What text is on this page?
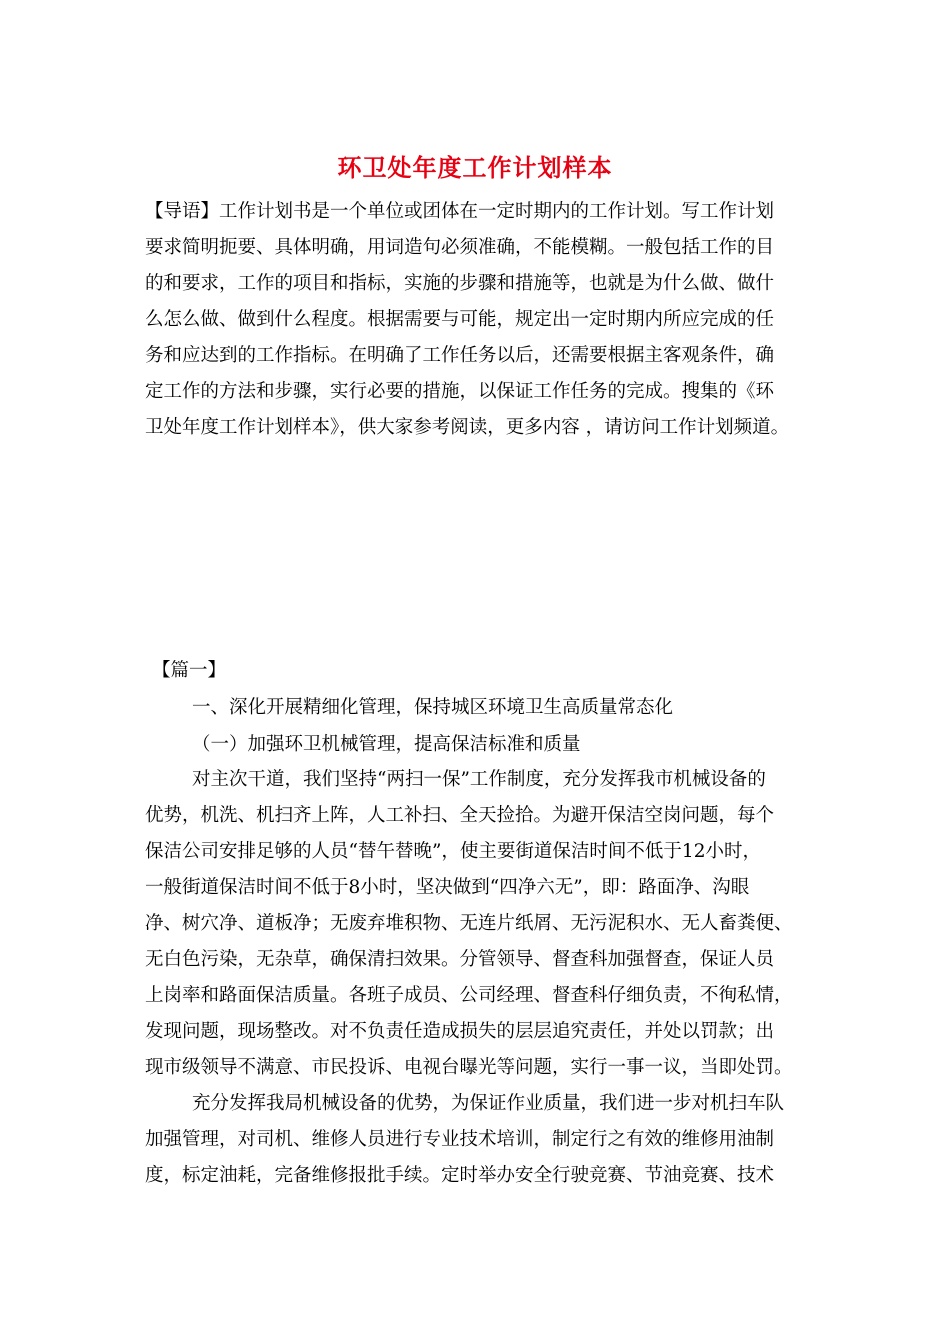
环卫处年度工作计划样本
【导语】工作计划书是一个单位或团体在一定时期内的工作计划。写工作计划
要求简明扼要、具体明确，用词造句必须准确，不能模糊。一般包括工作的目
的和要求，工作的项目和指标，实施的步骤和措施等，也就是为什么做、做什
么怎么做、做到什么程度。根据需要与可能，规定出一定时期内所应完成的任
务和应达到的工作指标。在明确了工作任务以后，还需要根据主客观条件，确
定工作的方法和步骤，实行必要的措施，以保证工作任务的完成。搜集的《环
卫处年度工作计划样本》，供大家参考阅读，更多内容 ，请访问工作计划频道。
【篇一】
一、深化开展精细化管理，保持城区环境卫生高质量常态化
（一）加强环卫机械管理，提高保洁标准和质量
对主次干道，我们坚持“两扫一保”工作制度，充分发挥我市机械设备的
优势，机洗、机扫齐上阵，人工补扫、全天捡拾。为避开保洁空岗问题，每个
保洁公司安排足够的人员“替午替晚”，使主要街道保洁时间不低于12小时，
一般街道保洁时间不低于8小时，坚决做到“四净六无”，即：路面净、沟眼
净、树穴净、道板净；无废弃堆积物、无连片纸屑、无污泥积水、无人畜粪便、
无白色污染，无杂草，确保清扫效果。分管领导、督查科加强督查，保证人员
上岗率和路面保洁质量。各班子成员、公司经理、督查科仔细负责，不徇私情，
发现问题，现场整改。对不负责任造成损失的层层追究责任，并处以罚款；出
现市级领导不满意、市民投诉、电视台曝光等问题，实行一事一议，当即处罚。
充分发挥我局机械设备的优势，为保证作业质量，我们进一步对机扫车队
加强管理，对司机、维修人员进行专业技术培训，制定行之有效的维修用油制
度，标定油耗，完备维修报批手续。定时举办安全行驶竞赛、节油竞赛、技术
